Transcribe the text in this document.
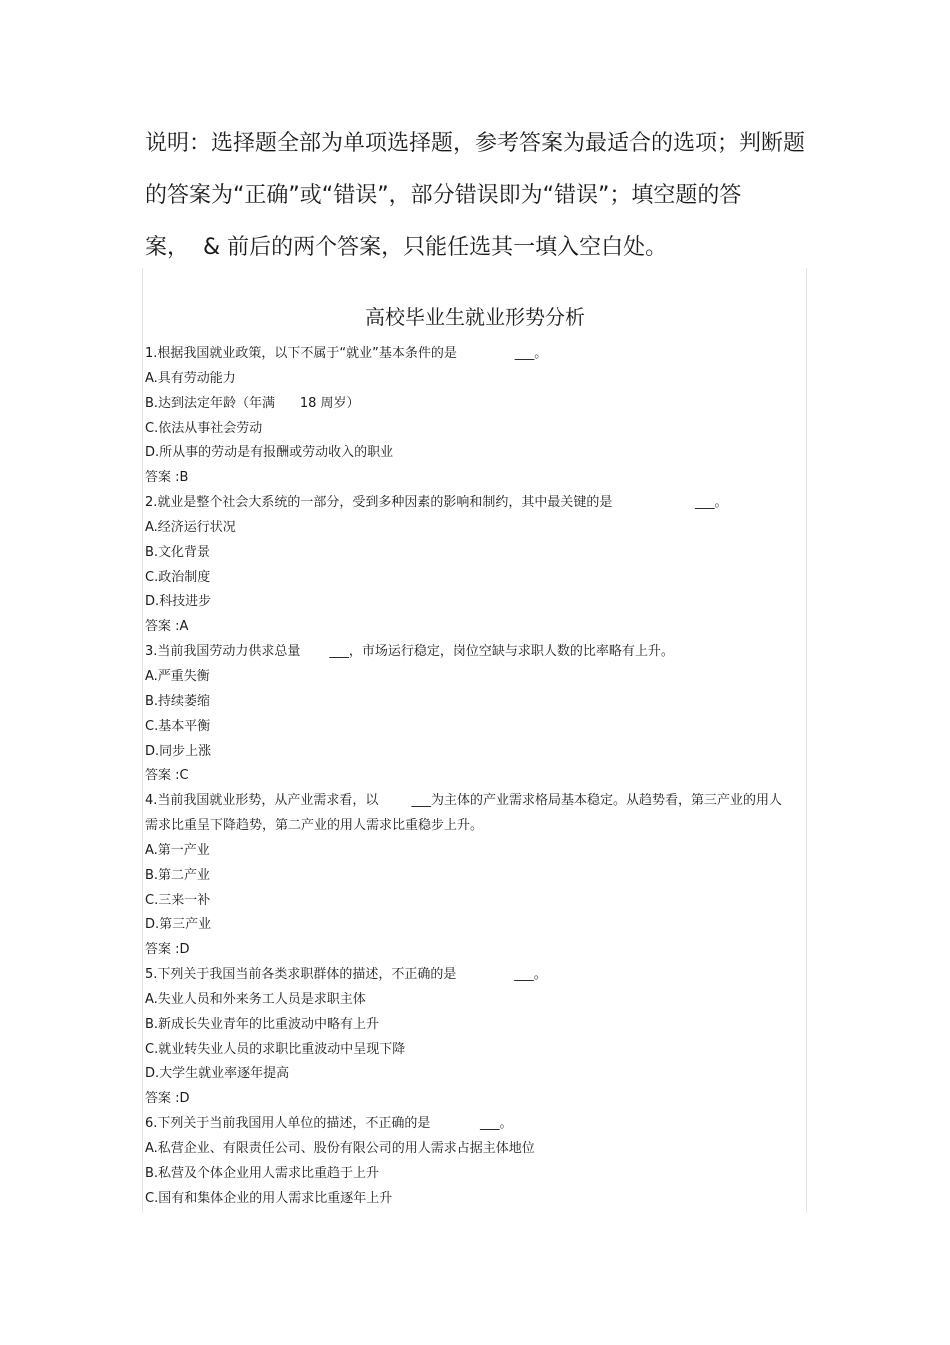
说明：选择题全部为单项选择题，参考答案为最适合的选项；判断题
的答案为“正确”或“错误”，部分错误即为“错误”；填空题的答
案，  & 前后的两个答案，只能任选其一填入空白处。
高校毕业生就业形势分析
1.根据我国就业政策，以下不属于“就业”基本条件的是              ___。
A.具有劳动能力
B.达到法定年龄（年满      18 周岁）
C.依法从事社会劳动
D.所从事的劳动是有报酬或劳动收入的职业
答案 :B
2.就业是整个社会大系统的一部分，受到多种因素的影响和制约，其中最关键的是                    ___。
A.经济运行状况
B.文化背景
C.政治制度
D.科技进步
答案 :A
3.当前我国劳动力供求总量       ___，市场运行稳定，岗位空缺与求职人数的比率略有上升。
A.严重失衡
B.持续萎缩
C.基本平衡
D.同步上涨
答案 :C
4.当前我国就业形势，从产业需求看，以        ___为主体的产业需求格局基本稳定。从趋势看，第三产业的用人需求比重呈下降趋势，第二产业的用人需求比重稳步上升。
A.第一产业
B.第二产业
C.三来一补
D.第三产业
答案 :D
5.下列关于我国当前各类求职群体的描述，不正确的是              ___。
A.失业人员和外来务工人员是求职主体
B.新成长失业青年的比重波动中略有上升
C.就业转失业人员的求职比重波动中呈现下降
D.大学生就业率逐年提高
答案 :D
6.下列关于当前我国用人单位的描述，不正确的是            ___。
A.私营企业、有限责任公司、股份有限公司的用人需求占据主体地位
B.私营及个体企业用人需求比重趋于上升
C.国有和集体企业的用人需求比重逐年上升
